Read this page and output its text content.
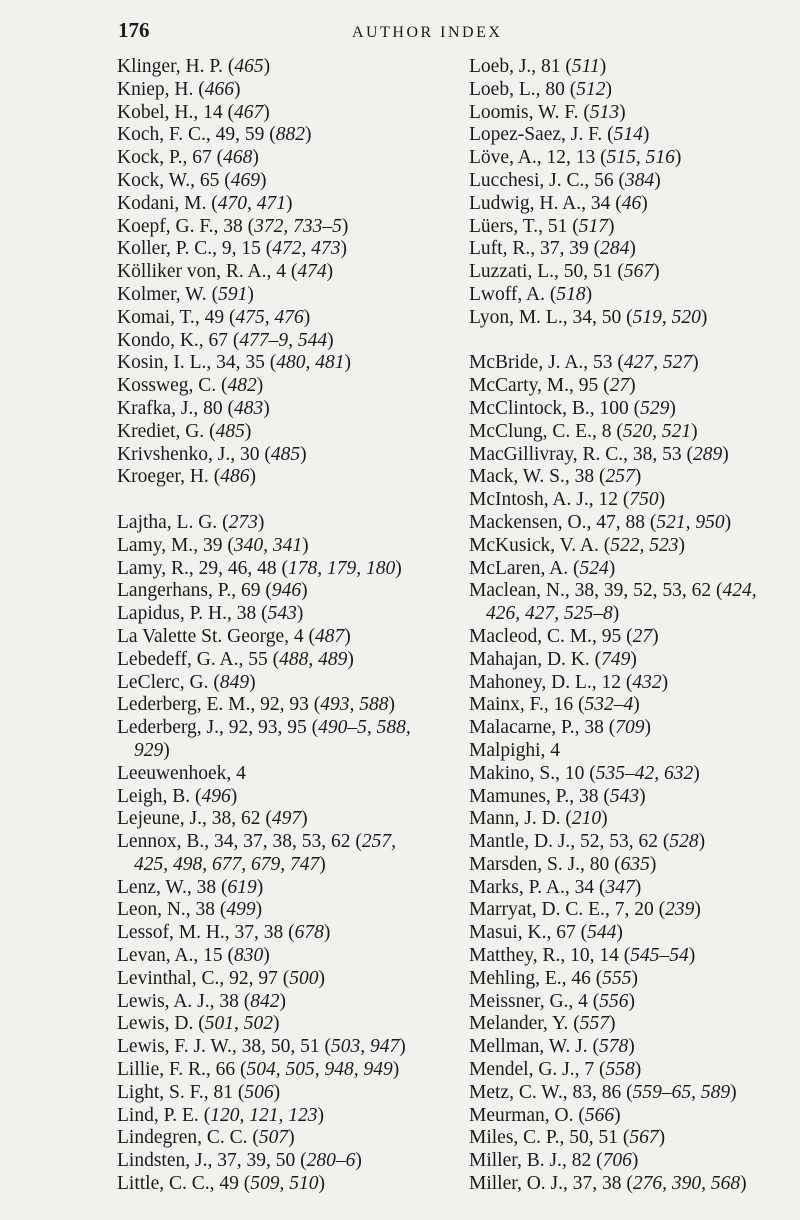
176	AUTHOR INDEX
Klinger, H. P. (465)
Kniep, H. (466)
Kobel, H., 14 (467)
Koch, F. C., 49, 59 (882)
Kock, P., 67 (468)
Kock, W., 65 (469)
Kodani, M. (470, 471)
Koepf, G. F., 38 (372, 733–5)
Koller, P. C., 9, 15 (472, 473)
Kölliker von, R. A., 4 (474)
Kolmer, W. (591)
Komai, T., 49 (475, 476)
Kondo, K., 67 (477–9, 544)
Kosin, I. L., 34, 35 (480, 481)
Kossweg, C. (482)
Krafka, J., 80 (483)
Krediet, G. (485)
Krivshenko, J., 30 (485)
Kroeger, H. (486)
Lajtha, L. G. (273)
Lamy, M., 39 (340, 341)
Lamy, R., 29, 46, 48 (178, 179, 180)
Langerhans, P., 69 (946)
Lapidus, P. H., 38 (543)
La Valette St. George, 4 (487)
Lebedeff, G. A., 55 (488, 489)
LeClerc, G. (849)
Lederberg, E. M., 92, 93 (493, 588)
Lederberg, J., 92, 93, 95 (490–5, 588,
929)
Leeuwenhoek, 4
Leigh, B. (496)
Lejeune, J., 38, 62 (497)
Lennox, B., 34, 37, 38, 53, 62 (257,
425, 498, 677, 679, 747)
Lenz, W., 38 (619)
Leon, N., 38 (499)
Lessof, M. H., 37, 38 (678)
Levan, A., 15 (830)
Levinthal, C., 92, 97 (500)
Lewis, A. J., 38 (842)
Lewis, D. (501, 502)
Lewis, F. J. W., 38, 50, 51 (503, 947)
Lillie, F. R., 66 (504, 505, 948, 949)
Light, S. F., 81 (506)
Lind, P. E. (120, 121, 123)
Lindegren, C. C. (507)
Lindsten, J., 37, 39, 50 (280–6)
Little, C. C., 49 (509, 510)
Loeb, J., 81 (511)
Loeb, L., 80 (512)
Loomis, W. F. (513)
Lopez-Saez, J. F. (514)
Löve, A., 12, 13 (515, 516)
Lucchesi, J. C., 56 (384)
Ludwig, H. A., 34 (46)
Lüers, T., 51 (517)
Luft, R., 37, 39 (284)
Luzzati, L., 50, 51 (567)
Lwoff, A. (518)
Lyon, M. L., 34, 50 (519, 520)
McBride, J. A., 53 (427, 527)
McCarty, M., 95 (27)
McClintock, B., 100 (529)
McClung, C. E., 8 (520, 521)
MacGillivray, R. C., 38, 53 (289)
Mack, W. S., 38 (257)
McIntosh, A. J., 12 (750)
Mackensen, O., 47, 88 (521, 950)
McKusick, V. A. (522, 523)
McLaren, A. (524)
Maclean, N., 38, 39, 52, 53, 62 (424,
426, 427, 525–8)
Macleod, C. M., 95 (27)
Mahajan, D. K. (749)
Mahoney, D. L., 12 (432)
Mainx, F., 16 (532–4)
Malacarne, P., 38 (709)
Malpighi, 4
Makino, S., 10 (535–42, 632)
Mamunes, P., 38 (543)
Mann, J. D. (210)
Mantle, D. J., 52, 53, 62 (528)
Marsden, S. J., 80 (635)
Marks, P. A., 34 (347)
Marryat, D. C. E., 7, 20 (239)
Masui, K., 67 (544)
Matthey, R., 10, 14 (545–54)
Mehling, E., 46 (555)
Meissner, G., 4 (556)
Melander, Y. (557)
Mellman, W. J. (578)
Mendel, G. J., 7 (558)
Metz, C. W., 83, 86 (559–65, 589)
Meurman, O. (566)
Miles, C. P., 50, 51 (567)
Miller, B. J., 82 (706)
Miller, O. J., 37, 38 (276, 390, 568)
